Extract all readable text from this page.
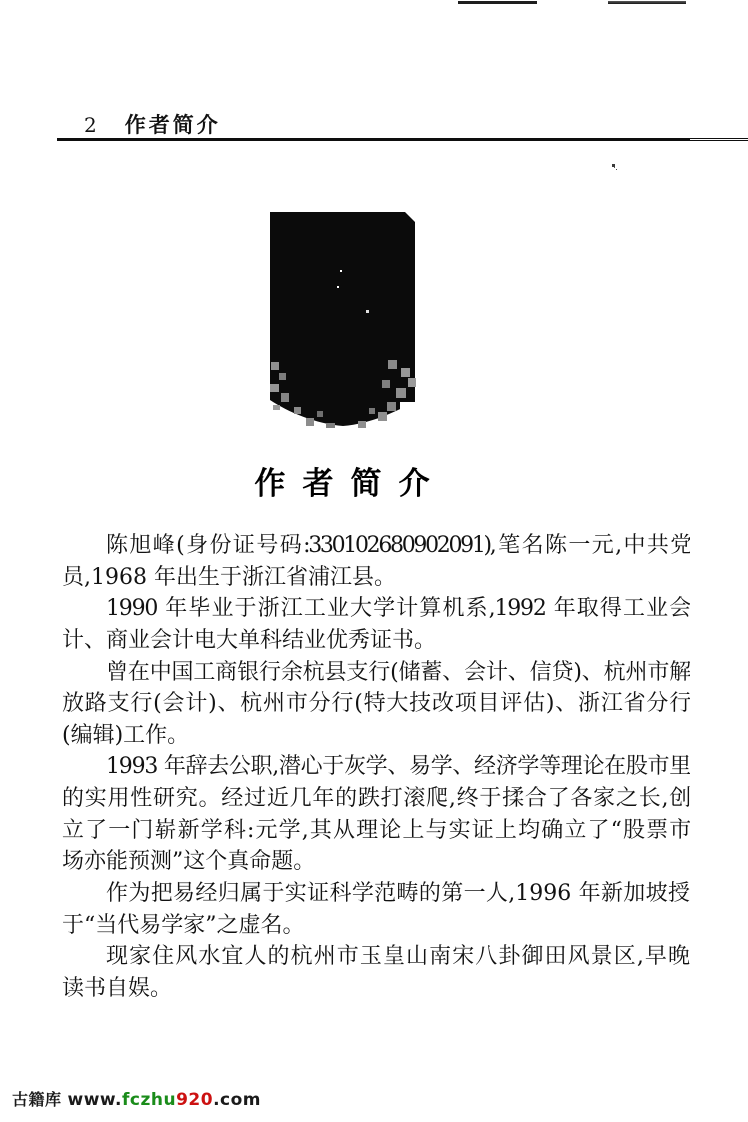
2 作者简介
作者简介
陈旭峰(身份证号码:330102680902091),笔名陈一元,中共党
员,1968 年出生于浙江省浦江县。
1990 年毕业于浙江工业大学计算机系,1992 年取得工业会
计、商业会计电大单科结业优秀证书。
曾在中国工商银行余杭县支行(储蓄、会计、信贷)、杭州市解
放路支行(会计)、杭州市分行(特大技改项目评估)、浙江省分行
(编辑)工作。
1993 年辞去公职,潜心于灰学、易学、经济学等理论在股市里
的实用性研究。经过近几年的跌打滚爬,终于揉合了各家之长,创
立了一门崭新学科:元学,其从理论上与实证上均确立了“股票市
场亦能预测”这个真命题。
作为把易经归属于实证科学范畴的第一人,1996 年新加坡授
于“当代易学家”之虚名。
现家住风水宜人的杭州市玉皇山南宋八卦御田风景区,早晚
读书自娱。
古籍库 www.fczhu920.com
